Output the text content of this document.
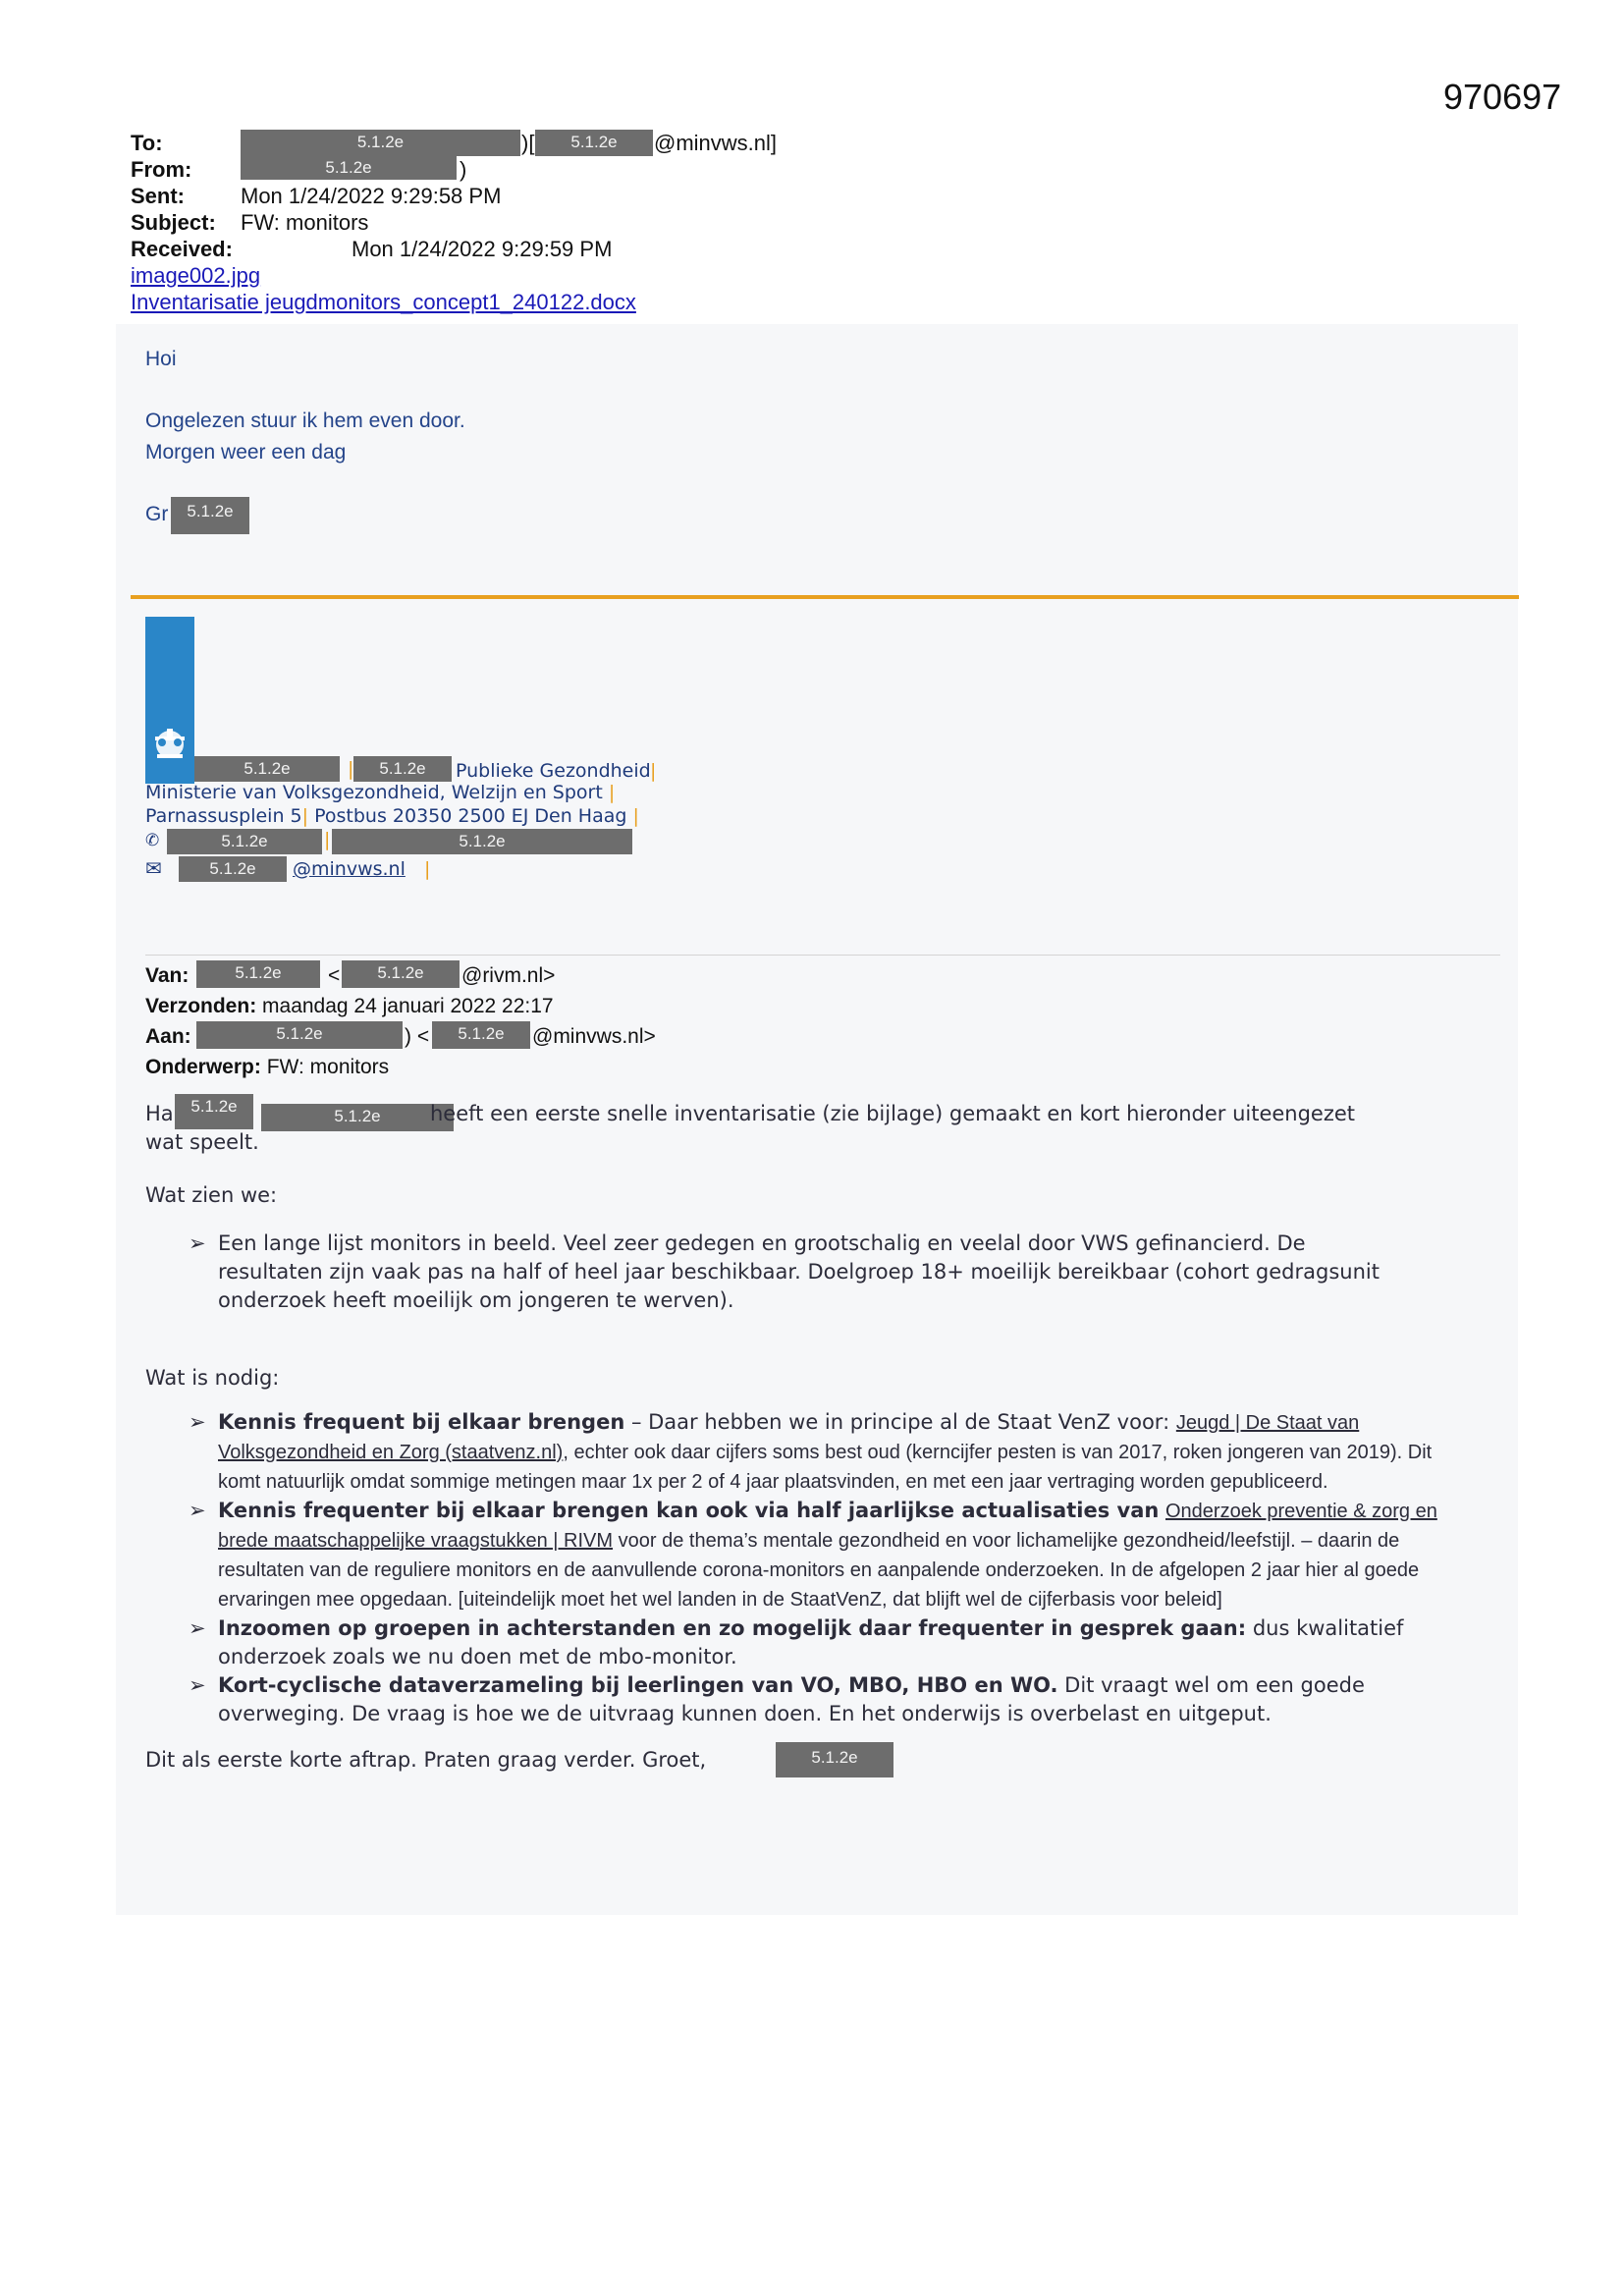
970697
To:	5.1.2e	)[	5.1.2e	@minvws.nl]
From:	5.1.2e	)
Sent:	Mon 1/24/2022 9:29:58 PM
Subject: FW: monitors
Received:	Mon 1/24/2022 9:29:59 PM
image002.jpg
Inventarisatie jeugdmonitors_concept1_240122.docx
Hoi
Ongelezen stuur ik hem even door.
Morgen weer een dag
Gr	5.1.2e
5.1.2e	|	5.1.2e	Publieke Gezondheid |
Ministerie van Volksgezondheid, Welzijn en Sport |
Parnassusplein 5| Postbus 20350 2500 EJ Den Haag |
✆	5.1.2e	|	5.1.2e
✉	5.1.2e	@minvws.nl |
Van:	5.1.2e	<	5.1.2e	@rivm.nl>
Verzonden: maandag 24 januari 2022 22:17
Aan:	5.1.2e	) <	5.1.2e	@minvws.nl>
Onderwerp: FW: monitors
Ha	5.1.2e
5.1.2e	heeft een eerste snelle inventarisatie (zie bijlage) gemaakt en kort hieronder uiteengezet
wat speelt.
Wat zien we:
➢ Een lange lijst monitors in beeld. Veel zeer gedegen en grootschalig en veelal door VWS gefinancierd. De resultaten zijn vaak pas na half of heel jaar beschikbaar. Doelgroep 18+ moeilijk bereikbaar (cohort gedragsunit onderzoek heeft moeilijk om jongeren te werven).
Wat is nodig:
➢ Kennis frequent bij elkaar brengen – Daar hebben we in principe al de Staat VenZ voor: Jeugd | De Staat van Volksgezondheid en Zorg (staatvenz.nl), echter ook daar cijfers soms best oud (kerncijfer pesten is van 2017, roken jongeren van 2019). Dit komt natuurlijk omdat sommige metingen maar 1x per 2 of 4 jaar plaatsvinden, en met een jaar vertraging worden gepubliceerd.
➢ Kennis frequenter bij elkaar brengen kan ook via half jaarlijkse actualisaties van Onderzoek preventie & zorg en brede maatschappelijke vraagstukken | RIVM voor de thema’s mentale gezondheid en voor lichamelijke gezondheid/leefstijl. – daarin de resultaten van de reguliere monitors en de aanvullende corona-monitors en aanpalende onderzoeken. In de afgelopen 2 jaar hier al goede ervaringen mee opgedaan. [uiteindelijk moet het wel landen in de StaatVenZ, dat blijft wel de cijferbasis voor beleid]
➢ Inzoomen op groepen in achterstanden en zo mogelijk daar frequenter in gesprek gaan: dus kwalitatief onderzoek zoals we nu doen met de mbo-monitor.
➢ Kort-cyclische dataverzameling bij leerlingen van VO, MBO, HBO en WO. Dit vraagt wel om een goede overweging. De vraag is hoe we de uitvraag kunnen doen. En het onderwijs is overbelast en uitgeput.
Dit als eerste korte aftrap. Praten graag verder. Groet,	5.1.2e
